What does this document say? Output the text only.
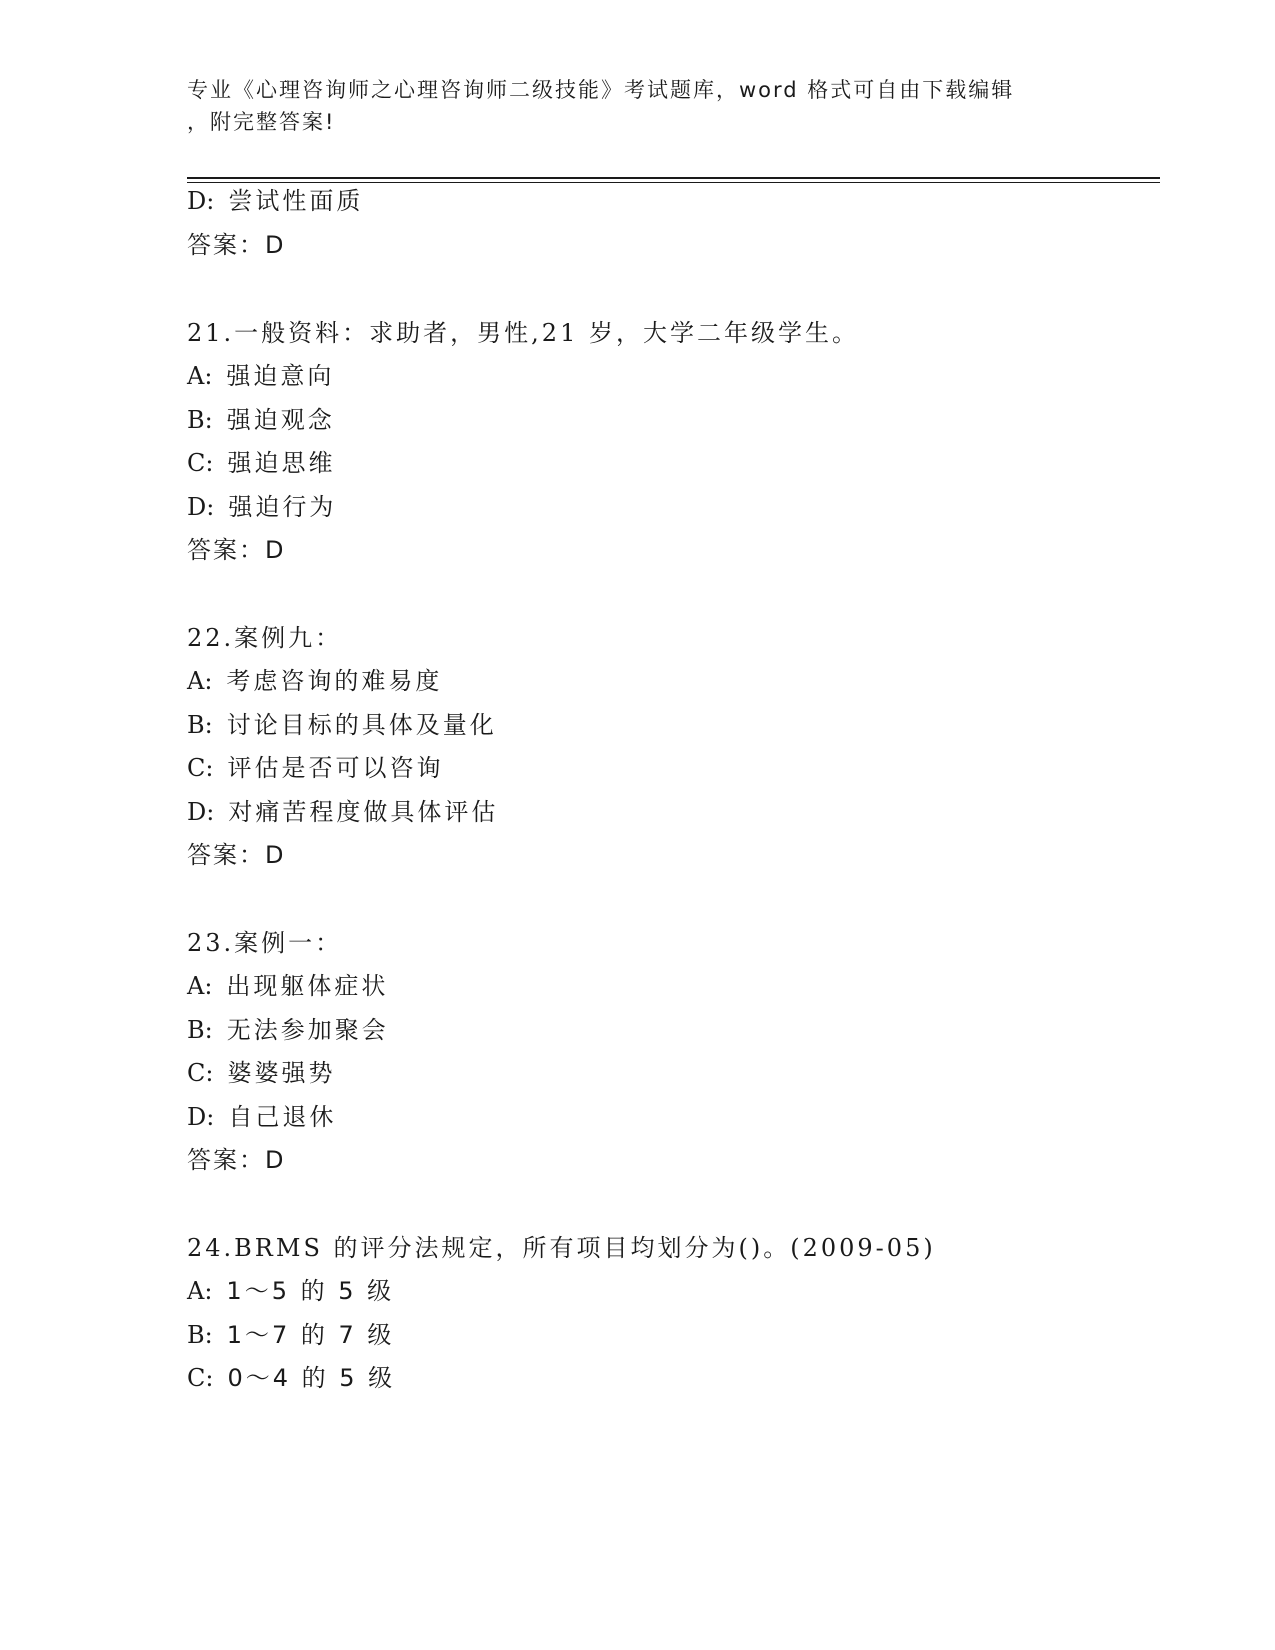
专业《心理咨询师之心理咨询师二级技能》考试题库，word 格式可自由下载编辑
，附完整答案!
D: 尝试性面质
答案：D
21.一般资料：求助者，男性,21 岁，大学二年级学生。
A: 强迫意向
B: 强迫观念
C: 强迫思维
D: 强迫行为
答案：D
22.案例九：
A: 考虑咨询的难易度
B: 讨论目标的具体及量化
C: 评估是否可以咨询
D: 对痛苦程度做具体评估
答案：D
23.案例一：
A: 出现躯体症状
B: 无法参加聚会
C: 婆婆强势
D: 自己退休
答案：D
24.BRMS 的评分法规定，所有项目均划分为()。(2009-05)
A: 1～5 的 5 级
B: 1～7 的 7 级
C: 0～4 的 5 级
